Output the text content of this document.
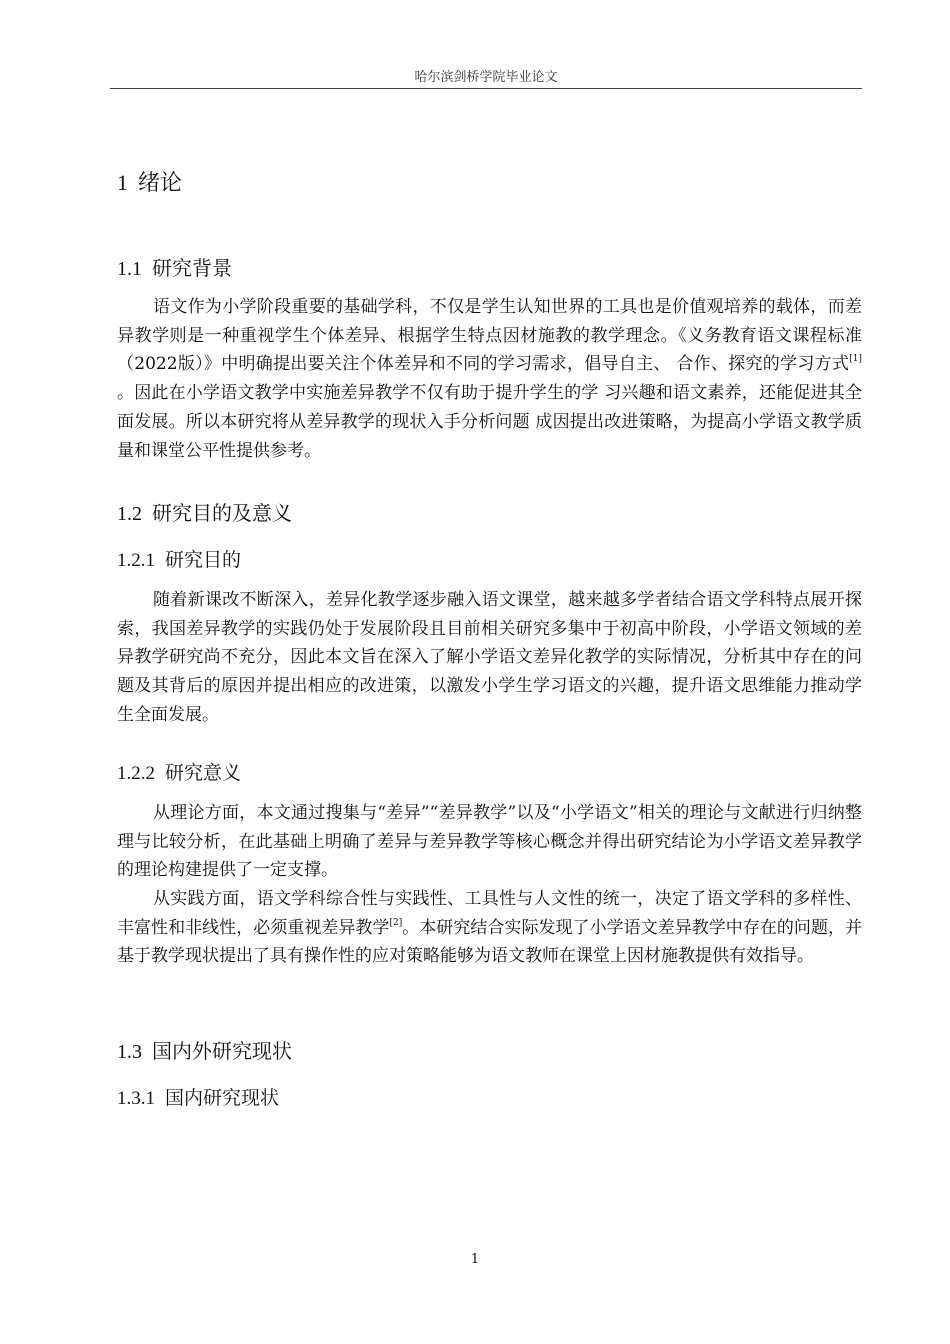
哈尔滨剑桥学院毕业论文
1 绪论
1.1 研究背景

语文作为小学阶段重要的基础学科，不仅是学生认知世界的工具也是价值观培养的载体，而差异教学则是一种重视学生个体差异、根据学生特点因材施教的教学理念。《义务教育语文课程标准（2022版）》中明确提出要关注个体差异和不同的学习需求，倡导自主、 合作、探究的学习方式[1] 。因此在小学语文教学中实施差异教学不仅有助于提升学生的学 习兴趣和语文素养，还能促进其全面发展。所以本研究将从差异教学的现状入手分析问题 成因提出改进策略，为提高小学语文教学质量和课堂公平性提供参考。

1.2 研究目的及意义
1.2.1 研究目的

随着新课改不断深入，差异化教学逐步融入语文课堂，越来越多学者结合语文学科特点展开探索，我国差异教学的实践仍处于发展阶段且目前相关研究多集中于初高中阶段，小学语文领域的差异教学研究尚不充分，因此本文旨在深入了解小学语文差异化教学的实际情况，分析其中存在的问题及其背后的原因并提出相应的改进策，以激发小学生学习语文的兴趣，提升语文思维能力推动学生全面发展。

1.2.2 研究意义

从理论方面，本文通过搜集与“差异”“差异教学”以及“小学语文”相关的理论与文献进行归纳整理与比较分析，在此基础上明确了差异与差异教学等核心概念并得出研究结论为小学语文差异教学的理论构建提供了一定支撑。

从实践方面，语文学科综合性与实践性、工具性与人文性的统一，决定了语文学科的多样性、丰富性和非线性，必须重视差异教学[2]。本研究结合实际发现了小学语文差异教学中存在的问题，并基于教学现状提出了具有操作性的应对策略能够为语文教师在课堂上因材施教提供有效指导。

1.3 国内外研究现状
1.3.1 国内研究现状
1
